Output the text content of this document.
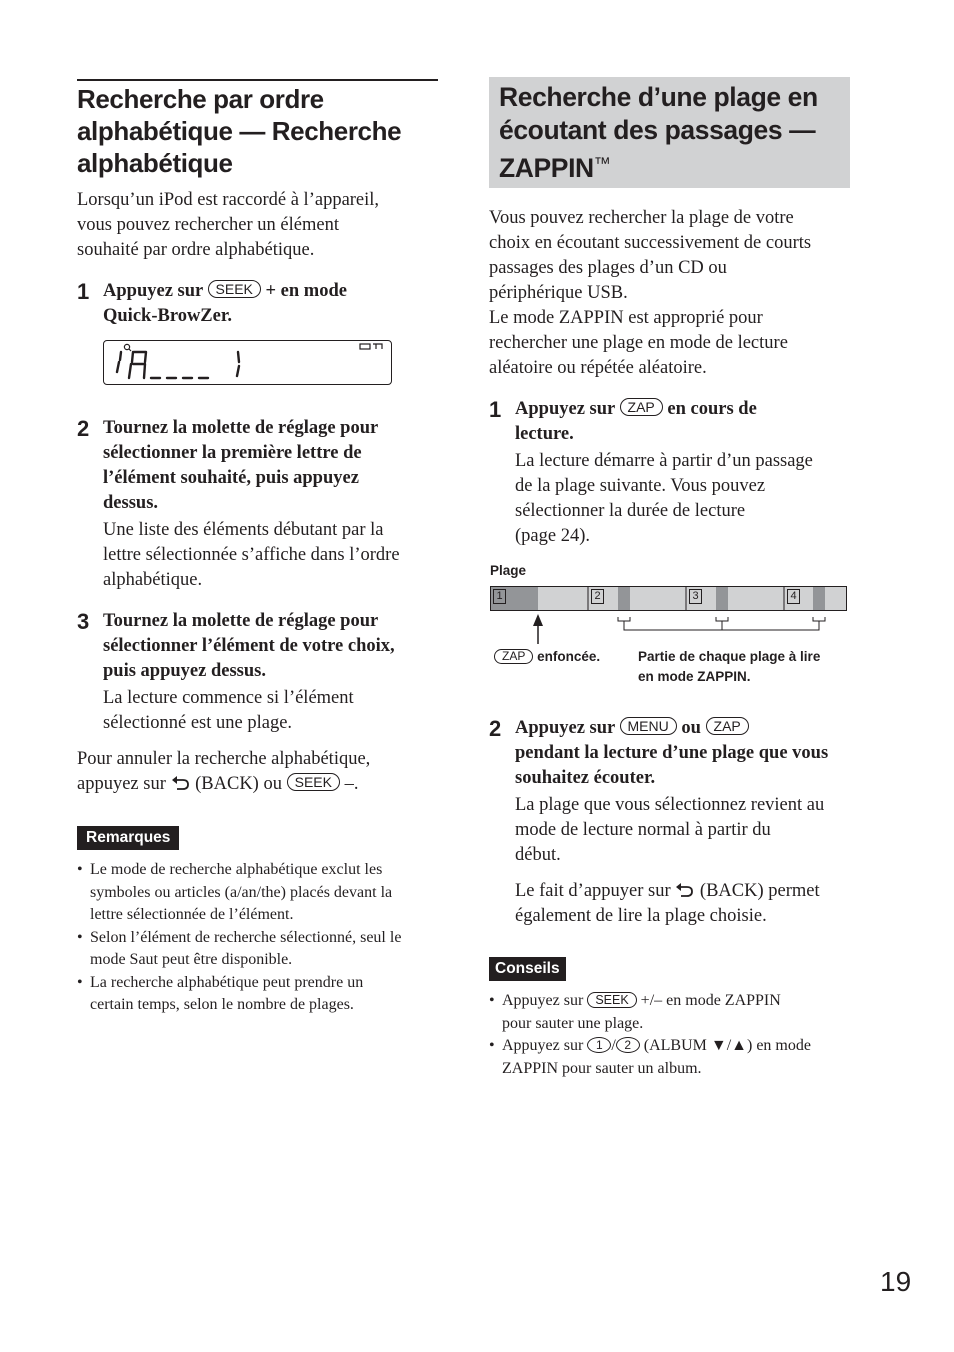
Recherche par ordre

alphabétique — Recherche

alphabétique

Lorsqu’un iPod est raccordé à l’appareil,

vous pouvez rechercher un élément

souhaité par ordre alphabétique.

1 Appuyez sur SEEK + en mode

Quick-BrowZer.

2 Tournez la molette de réglage pour

sélectionner la première lettre de

l’élément souhaité, puis appuyez

dessus.

Une liste des éléments débutant par la

lettre sélectionnée s’affiche dans l’ordre

alphabétique.

3 Tournez la molette de réglage pour

sélectionner l’élément de votre choix,

puis appuyez dessus.

La lecture commence si l’élément

sélectionné est une plage.

Pour annuler la recherche alphabétique,

appuyez sur (BACK) ou SEEK –.

Remarques
• Le mode de recherche alphabétique exclut les
symboles ou articles (a/an/the) placés devant la
lettre sélectionnée de l’élément.
• Selon l’élément de recherche sélectionné, seul le
mode Saut peut être disponible.
• La recherche alphabétique peut prendre un
certain temps, selon le nombre de plages.

Recherche d’une plage en

écoutant des passages —

ZAPPIN™

Vous pouvez rechercher la plage de votre

choix en écoutant successivement de courts

passages des plages d’un CD ou

périphérique USB.

Le mode ZAPPIN est approprié pour

rechercher une plage en mode de lecture

aléatoire ou répétée aléatoire.

1 Appuyez sur ZAP en cours de

lecture.

La lecture démarre à partir d’un passage

de la plage suivante. Vous pouvez

sélectionner la durée de lecture

(page 24).

Plage
1	2	3	4
ZAP enfoncée.	Partie de chaque plage à lire
en mode ZAPPIN.
2 Appuyez sur MENU ou ZAP

pendant la lecture d’une plage que vous

souhaitez écouter.

La plage que vous sélectionnez revient au

mode de lecture normal à partir du

début.

Le fait d’appuyer sur (BACK) permet

également de lire la plage choisie.

Conseils
• Appuyez sur SEEK +/– en mode ZAPPIN
pour sauter une plage.
• Appuyez sur 1 / 2 (ALBUM ▼/▲) en mode
ZAPPIN pour sauter un album.
19
